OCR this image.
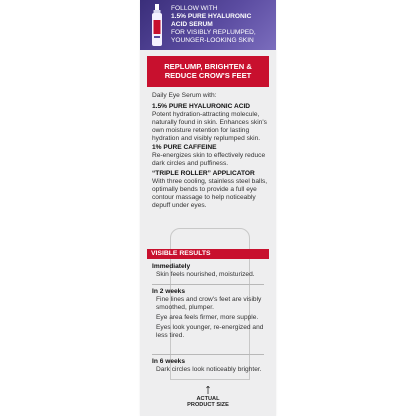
FOLLOW WITH
1.5% PURE HYALURONIC
ACID SERUM
FOR VISIBLY REPLUMPED,
YOUNGER-LOOKING SKIN
REPLUMP, BRIGHTEN &
REDUCE CROW'S FEET

Daily Eye Serum with:

1.5% PURE HYALURONIC ACID

Potent hydration-attracting molecule, naturally found in skin. Enhances skin's own moisture retention for lasting hydration and visibly replumped skin.

1% PURE CAFFEINE

Re-energizes skin to effectively reduce dark circles and puffiness.

“TRIPLE ROLLER” APPLICATOR

With three cooling, stainless steel balls, optimally bends to provide a full eye contour massage to help noticeably depuff under eyes.

VISIBLE RESULTS
Immediately

Skin feels nourished, moisturized.

In 2 weeks

Fine lines and crow's feet are visibly smoothed, plumper.

Eye area feels firmer, more supple.

Eyes look younger, re-energized and less tired.

In 6 weeks

Dark circles look noticeably brighter.

ACTUAL
PRODUCT SIZE
